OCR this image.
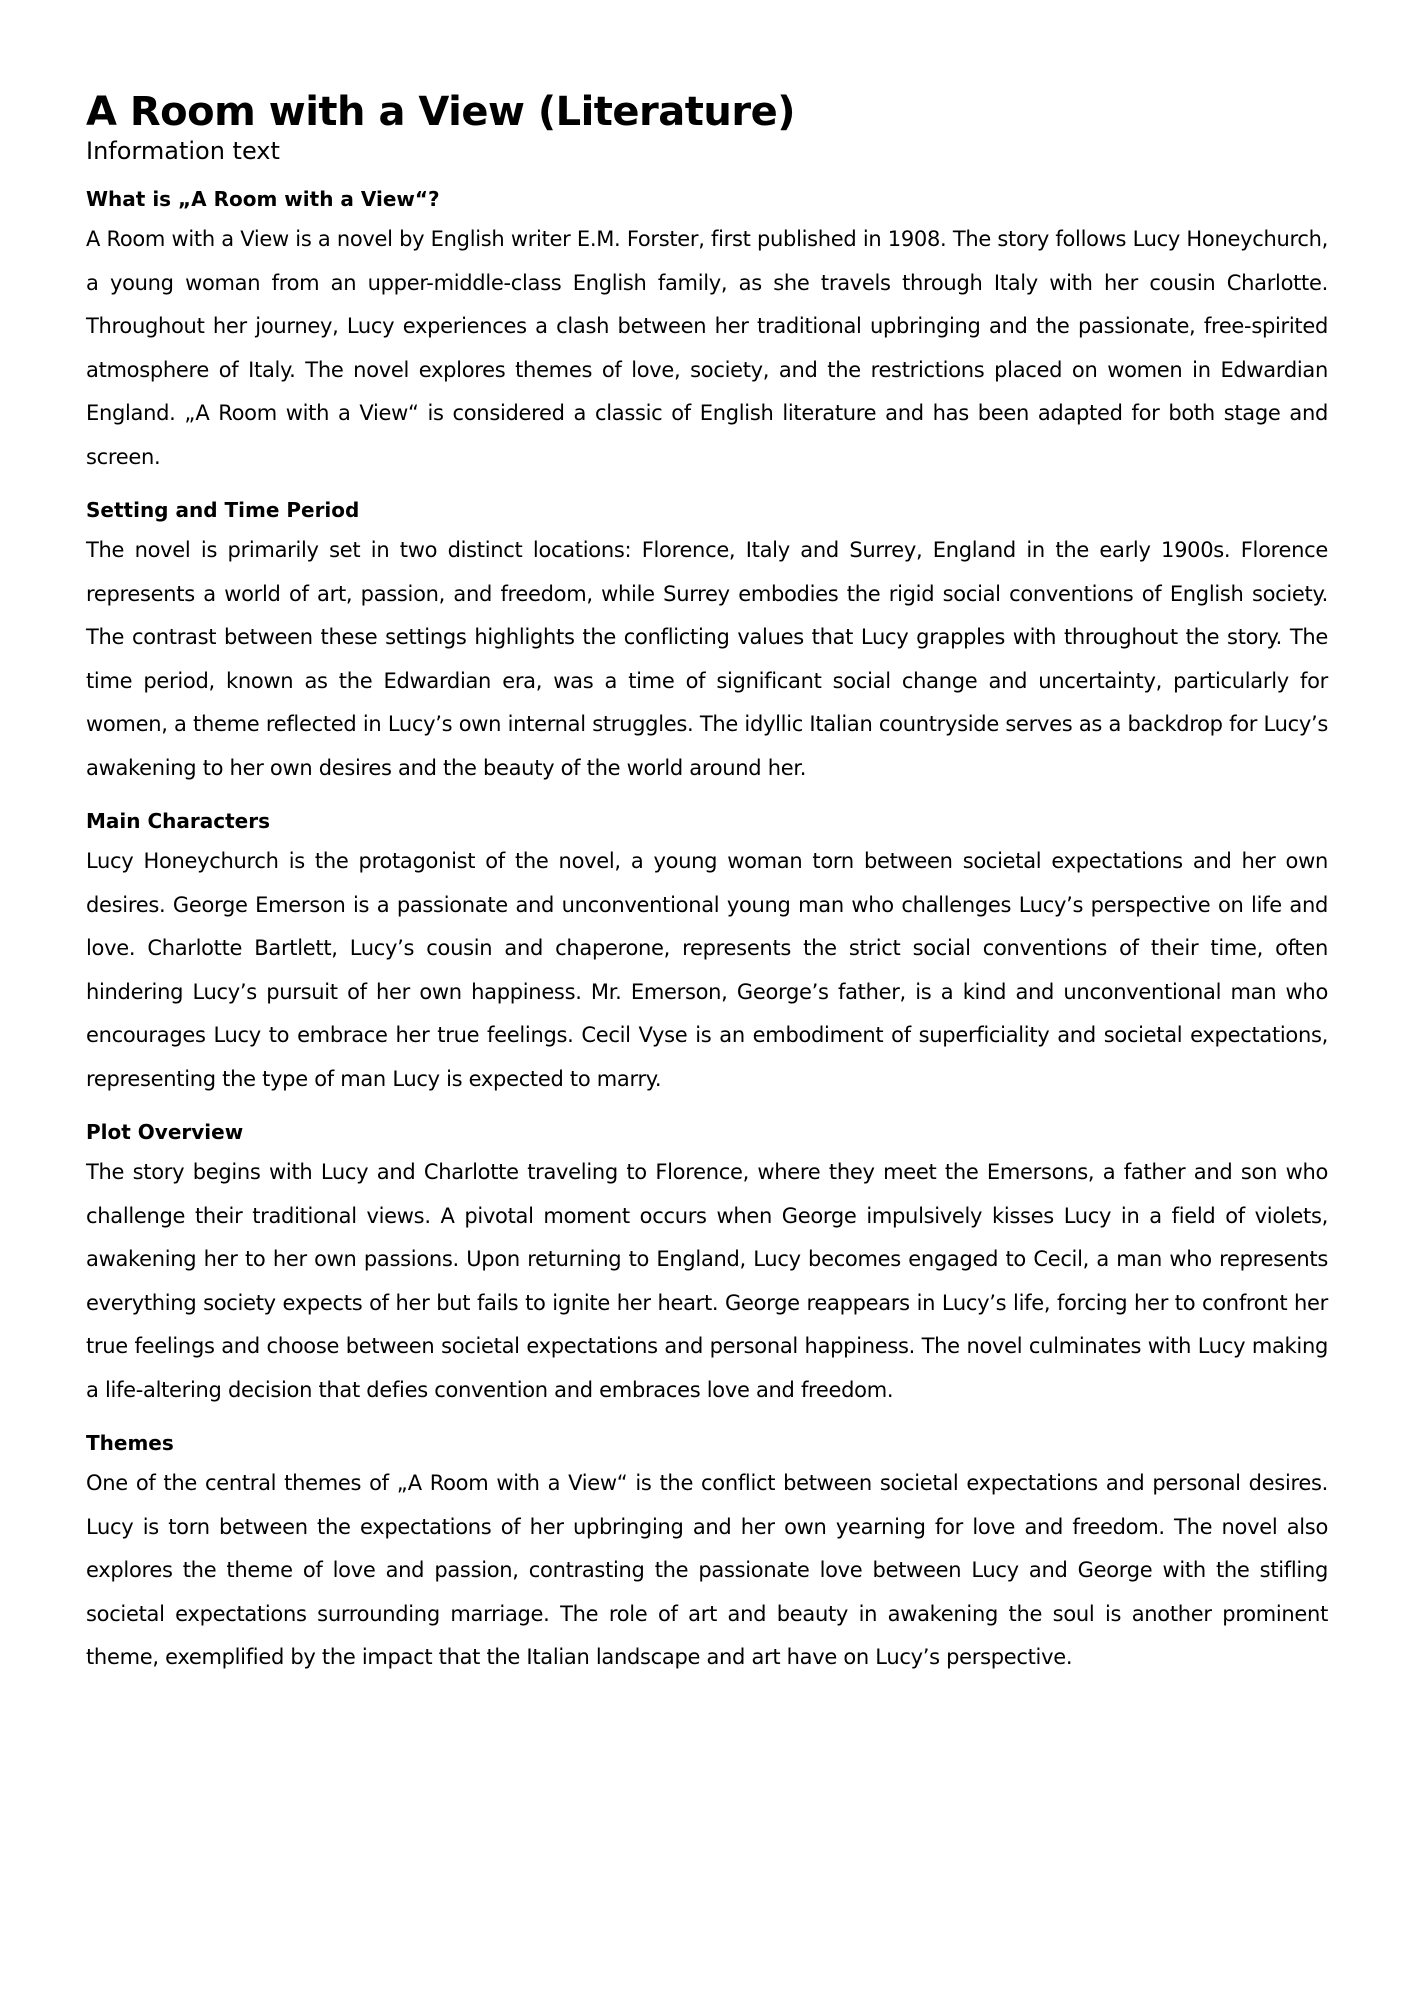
A Room with a View (Literature)
Information text
What is „A Room with a View“?

A Room with a View is a novel by English writer E.M. Forster, first published in 1908. The story follows Lucy Honeychurch, a young woman from an upper-middle-class English family, as she travels through Italy with her cousin Charlotte. Throughout her journey, Lucy experiences a clash between her traditional upbringing and the passionate, free-spirited atmosphere of Italy. The novel explores themes of love, society, and the restrictions placed on women in Edwardian England. „A Room with a View“ is considered a classic of English literature and has been adapted for both stage and screen.

Setting and Time Period

The novel is primarily set in two distinct locations: Florence, Italy and Surrey, England in the early 1900s. Florence represents a world of art, passion, and freedom, while Surrey embodies the rigid social conventions of English society. The contrast between these settings highlights the conflicting values that Lucy grapples with throughout the story. The time period, known as the Edwardian era, was a time of significant social change and uncertainty, particularly for women, a theme reflected in Lucy’s own internal struggles. The idyllic Italian countryside serves as a backdrop for Lucy’s awakening to her own desires and the beauty of the world around her.

Main Characters

Lucy Honeychurch is the protagonist of the novel, a young woman torn between societal expectations and her own desires. George Emerson is a passionate and unconventional young man who challenges Lucy’s perspective on life and love. Charlotte Bartlett, Lucy’s cousin and chaperone, represents the strict social conventions of their time, often hindering Lucy’s pursuit of her own happiness. Mr. Emerson, George’s father, is a kind and unconventional man who encourages Lucy to embrace her true feelings. Cecil Vyse is an embodiment of superficiality and societal expectations, representing the type of man Lucy is expected to marry.

Plot Overview

The story begins with Lucy and Charlotte traveling to Florence, where they meet the Emersons, a father and son who challenge their traditional views. A pivotal moment occurs when George impulsively kisses Lucy in a field of violets, awakening her to her own passions. Upon returning to England, Lucy becomes engaged to Cecil, a man who represents everything society expects of her but fails to ignite her heart. George reappears in Lucy’s life, forcing her to confront her true feelings and choose between societal expectations and personal happiness. The novel culminates with Lucy making a life-altering decision that defies convention and embraces love and freedom.

Themes

One of the central themes of „A Room with a View“ is the conflict between societal expectations and personal desires. Lucy is torn between the expectations of her upbringing and her own yearning for love and freedom. The novel also explores the theme of love and passion, contrasting the passionate love between Lucy and George with the stifling societal expectations surrounding marriage. The role of art and beauty in awakening the soul is another prominent theme, exemplified by the impact that the Italian landscape and art have on Lucy’s perspective.
